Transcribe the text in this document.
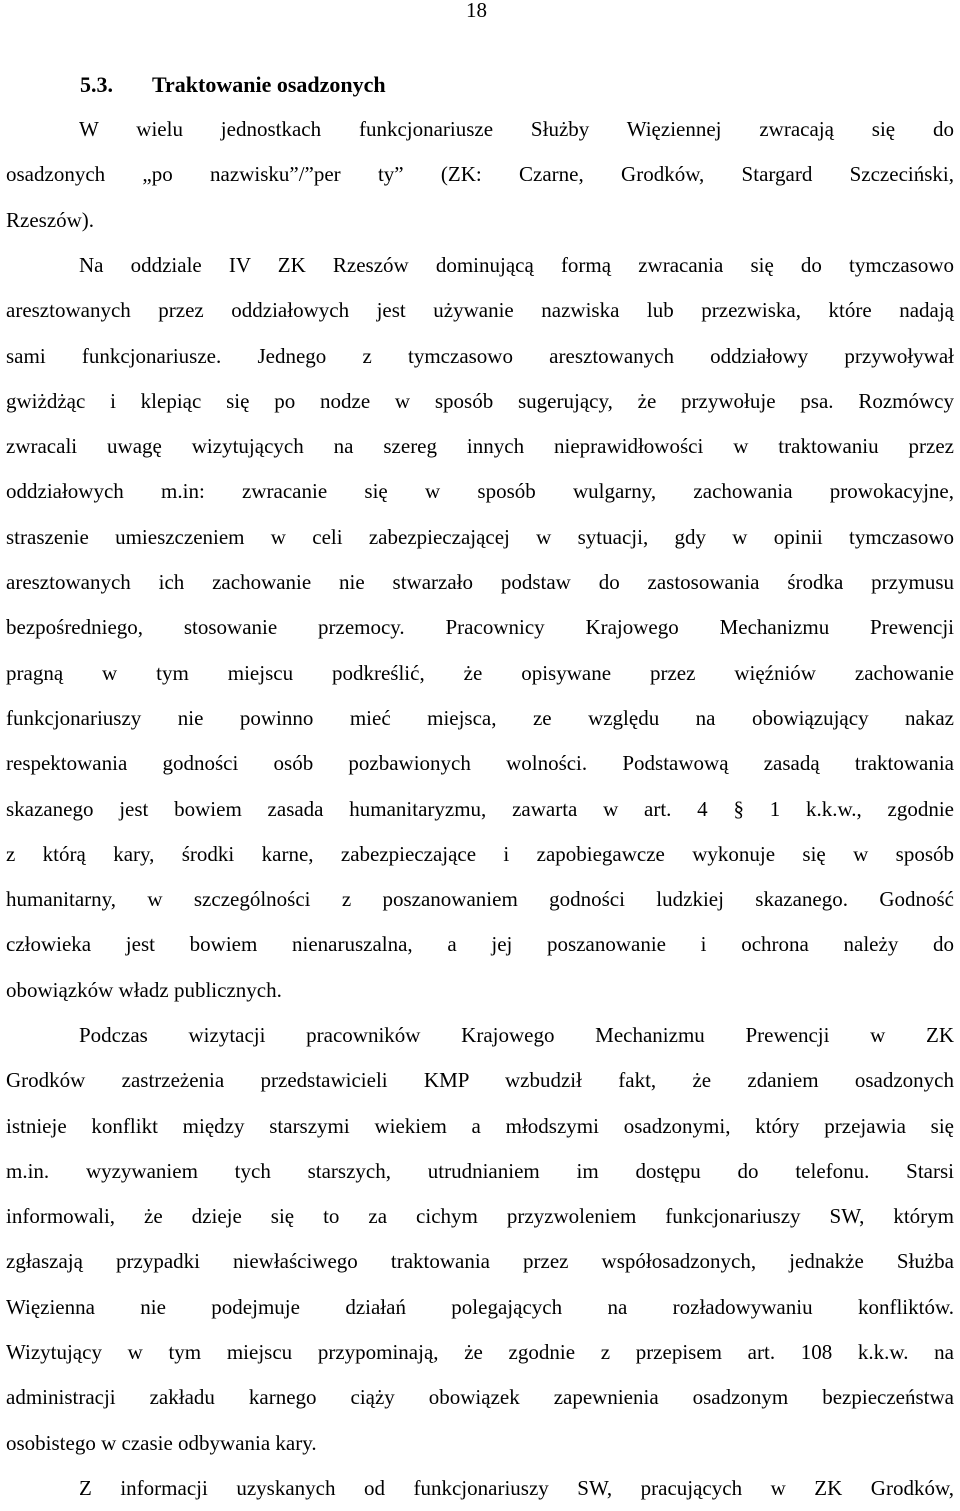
18
5.3. Traktowanie osadzonych
W wielu jednostkach funkcjonariusze Służby Więziennej zwracają się do
osadzonych „po nazwisku”/”per ty” (ZK: Czarne, Grodków, Stargard Szczeciński,
Rzeszów).
Na oddziale IV ZK Rzeszów dominującą formą zwracania się do tymczasowo
aresztowanych przez oddziałowych jest używanie nazwiska lub przezwiska, które nadają
sami funkcjonariusze. Jednego z tymczasowo aresztowanych oddziałowy przywoływał
gwiżdżąc i klepiąc się po nodze w sposób sugerujący, że przywołuje psa. Rozmówcy
zwracali uwagę wizytujących na szereg innych nieprawidłowości w traktowaniu przez
oddziałowych m.in: zwracanie się w sposób wulgarny, zachowania prowokacyjne,
straszenie umieszczeniem w celi zabezpieczającej w sytuacji, gdy w opinii tymczasowo
aresztowanych ich zachowanie nie stwarzało podstaw do zastosowania środka przymusu
bezpośredniego, stosowanie przemocy. Pracownicy Krajowego Mechanizmu Prewencji
pragną w tym miejscu podkreślić, że opisywane przez więźniów zachowanie
funkcjonariuszy nie powinno mieć miejsca, ze względu na obowiązujący nakaz
respektowania godności osób pozbawionych wolności. Podstawową zasadą traktowania
skazanego jest bowiem zasada humanitaryzmu, zawarta w art. 4 § 1 k.k.w., zgodnie
z którą kary, środki karne, zabezpieczające i zapobiegawcze wykonuje się w sposób
humanitarny, w szczególności z poszanowaniem godności ludzkiej skazanego. Godność
człowieka jest bowiem nienaruszalna, a jej poszanowanie i ochrona należy do
obowiązków władz publicznych.
Podczas wizytacji pracowników Krajowego Mechanizmu Prewencji w ZK
Grodków zastrzeżenia przedstawicieli KMP wzbudził fakt, że zdaniem osadzonych
istnieje konflikt między starszymi wiekiem a młodszymi osadzonymi, który przejawia się
m.in. wyzywaniem tych starszych, utrudnianiem im dostępu do telefonu. Starsi
informowali, że dzieje się to za cichym przyzwoleniem funkcjonariuszy SW, którym
zgłaszają przypadki niewłaściwego traktowania przez współosadzonych, jednakże Służba
Więzienna nie podejmuje działań polegających na rozładowywaniu konfliktów.
Wizytujący w tym miejscu przypominają, że zgodnie z przepisem art. 108 k.k.w. na
administracji zakładu karnego ciąży obowiązek zapewnienia osadzonym bezpieczeństwa
osobistego w czasie odbywania kary.
Z informacji uzyskanych od funkcjonariuszy SW, pracujących w ZK Grodków,
